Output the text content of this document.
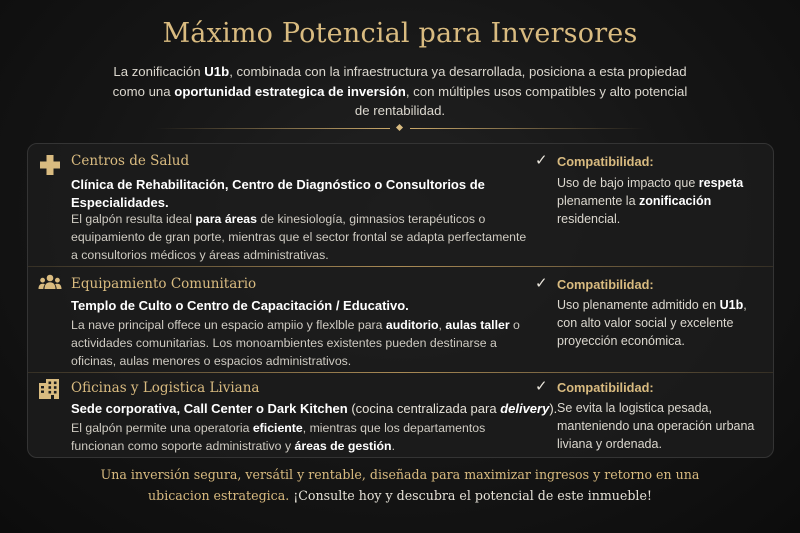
Máximo Potencial para Inversores
La zonificación U1b, combinada con la infraestructura ya desarrollada, posiciona a esta propiedad
como una oportunidad estrategica de inversión, con múltiples usos compatibles y alto potencial
de rentabilidad.
Centros de Salud
Clínica de Rehabilitación, Centro de Diagnóstico o Consultorios de Especialidades.
El galpón resulta ideal para áreas de kinesiología, gimnasios terapéuticos o equipamiento de gran porte, mientras que el sector frontal se adapta perfectamente a consultorios médicos y áreas administrativas.
✓ Compatibilidad:
Uso de bajo impacto que respeta plenamente la zonificación residencial.
Equipamiento Comunitario
Templo de Culto o Centro de Capacitación / Educativo.
La nave principal offece un espacio ampiio y flexlble para auditorio, aulas taller o actividades comunitarias. Los monoambientes existentes pueden destinarse a oficinas, aulas menores o espacios administrativos.
✓ Compatibilidad:
Uso plenamente admitido en U1b, con alto valor social y excelente proyección económica.
Oficinas y Logistica Liviana
Sede corporativa, Call Center o Dark Kitchen (cocina centralizada para delivery).
El galpón permite una operatoria eficiente, mientras que los departamentos funcionan como soporte administrativo y áreas de gestión.
✓ Compatibilidad:
Se evita la logistica pesada, manteniendo una operación urbana liviana y ordenada.
Una inversión segura, versátil y rentable, diseñada para maximizar ingresos y retorno en una
ubicacion estrategica. ¡Consulte hoy y descubra el potencial de este inmueble!
